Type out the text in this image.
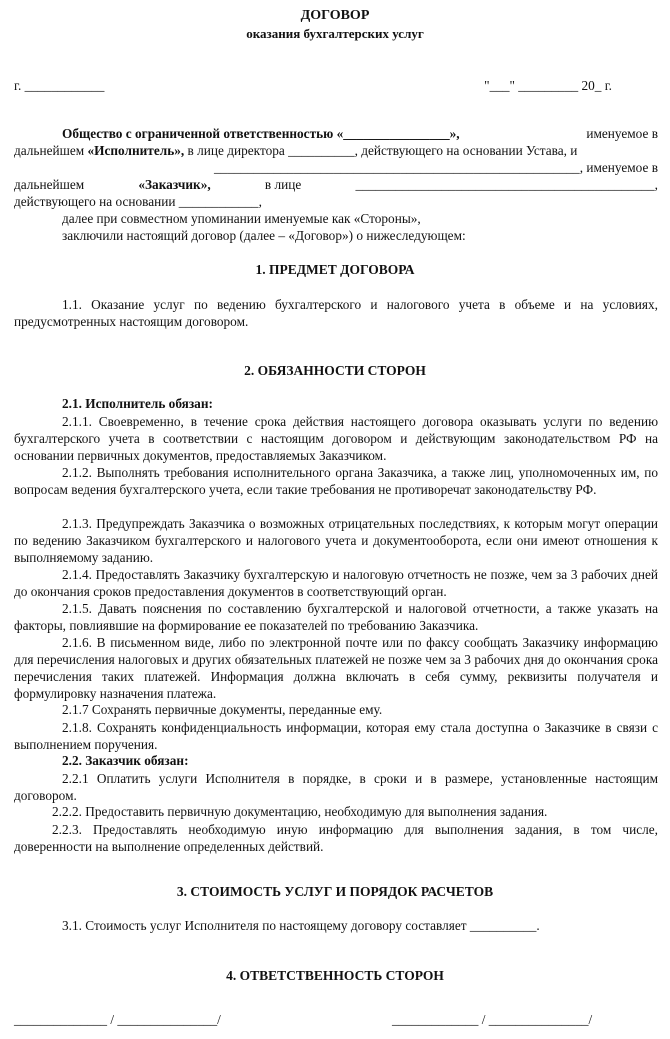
ДОГОВОР
оказания бухгалтерских услуг
г. ____________	"___" _________ 20_ г.
Общество с ограниченной ответственностью «________________»,	именуемое в
дальнейшем «Исполнитель», в лице директора __________, действующего на основании Устава, и
_______________________________________________________, именуемое в
дальнейшем	«Заказчик»,	в лице	_____________________________________________,
действующего на основании ____________,
далее при совместном упоминании именуемые как «Стороны»,
заключили настоящий договор (далее – «Договор») о нижеследующем:
1. ПРЕДМЕТ ДОГОВОРА
1.1. Оказание услуг по ведению бухгалтерского и налогового учета в объеме и на условиях, предусмотренных настоящим договором.
2. ОБЯЗАННОСТИ СТОРОН
2.1. Исполнитель обязан:
2.1.1. Своевременно, в течение срока действия настоящего договора оказывать услуги по ведению бухгалтерского учета в соответствии с настоящим договором и действующим законодательством РФ на основании первичных документов, предоставляемых Заказчиком.
2.1.2. Выполнять требования исполнительного органа Заказчика, а также лиц, уполномоченных им, по вопросам ведения бухгалтерского учета, если такие требования не противоречат законодательству РФ.
2.1.3. Предупреждать Заказчика о возможных отрицательных последствиях, к которым могут операции по ведению Заказчиком бухгалтерского и налогового учета и документооборота, если они имеют отношения к выполняемому заданию.
2.1.4. Предоставлять Заказчику бухгалтерскую и налоговую отчетность не позже, чем за 3 рабочих дней до окончания сроков предоставления документов в соответствующий орган.
2.1.5. Давать пояснения по составлению бухгалтерской и налоговой отчетности, а также указать на факторы, повлиявшие на формирование ее показателей по требованию Заказчика.
2.1.6. В письменном виде, либо по электронной почте или по факсу сообщать Заказчику информацию для перечисления налоговых и других обязательных платежей не позже чем за 3 рабочих дня до окончания срока перечисления таких платежей. Информация должна включать в себя сумму, реквизиты получателя и формулировку назначения платежа.
2.1.7 Сохранять первичные документы, переданные ему.
2.1.8. Сохранять конфиденциальность информации, которая ему стала доступна о Заказчике в связи с выполнением поручения.
2.2. Заказчик обязан:
2.2.1 Оплатить услуги Исполнителя в порядке, в сроки и в размере, установленные настоящим договором.
2.2.2. Предоставить первичную документацию, необходимую для выполнения задания.
2.2.3. Предоставлять необходимую иную информацию для выполнения задания, в том числе, доверенности на выполнение определенных действий.
3. СТОИМОСТЬ УСЛУГ И ПОРЯДОК РАСЧЕТОВ
3.1. Стоимость услуг Исполнителя по настоящему договору составляет __________.
4. ОТВЕТСТВЕННОСТЬ СТОРОН
______________ / _______________/	_____________ / _______________/
